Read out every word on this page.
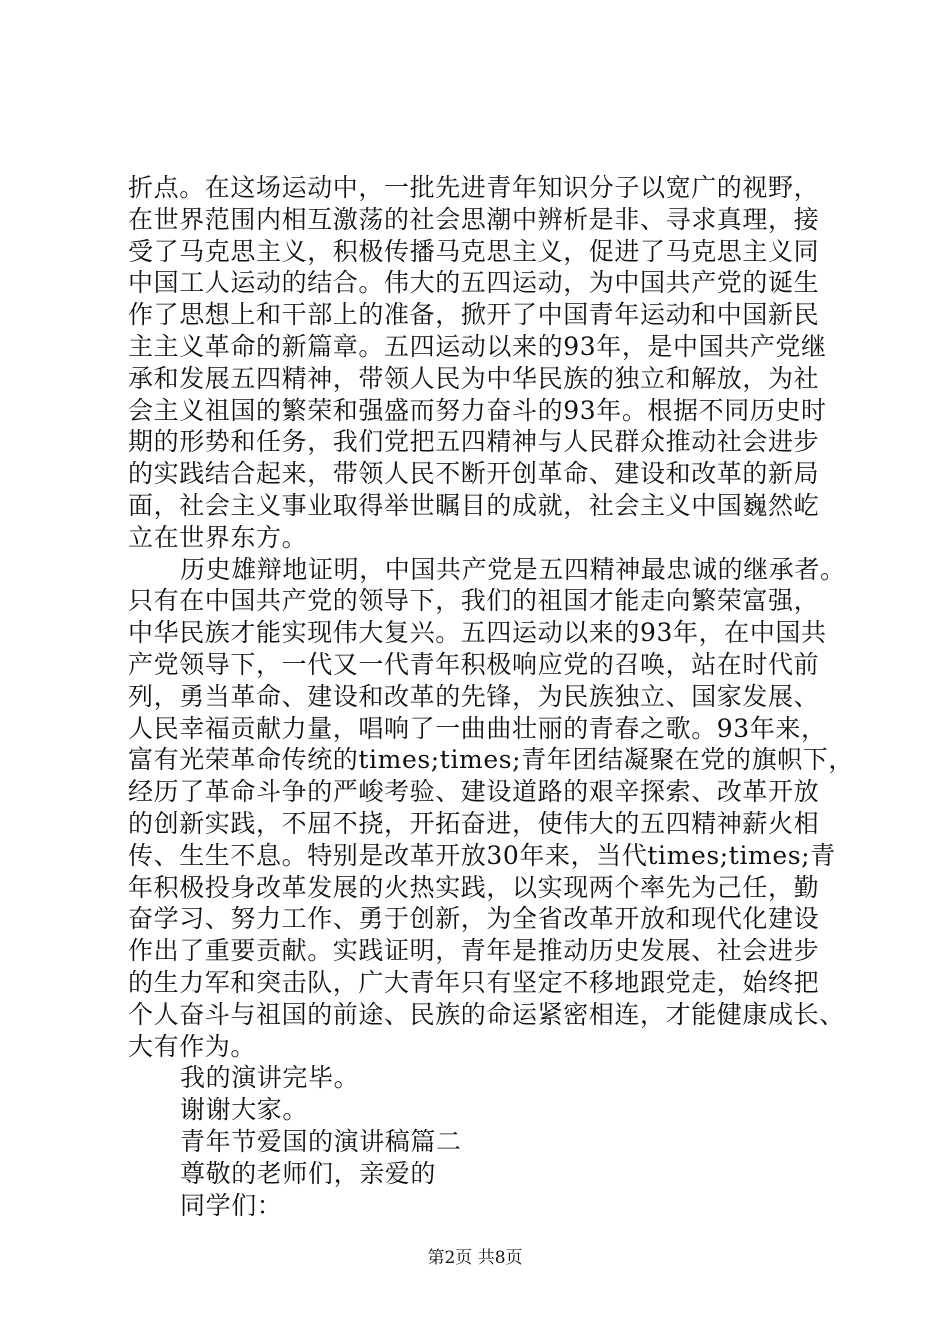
折点。在这场运动中，一批先进青年知识分子以宽广的视野，
在世界范围内相互激荡的社会思潮中辨析是非、寻求真理，接
受了马克思主义，积极传播马克思主义，促进了马克思主义同
中国工人运动的结合。伟大的五四运动，为中国共产党的诞生
作了思想上和干部上的准备，掀开了中国青年运动和中国新民
主主义革命的新篇章。五四运动以来的93年，是中国共产党继
承和发展五四精神，带领人民为中华民族的独立和解放，为社
会主义祖国的繁荣和强盛而努力奋斗的93年。根据不同历史时
期的形势和任务，我们党把五四精神与人民群众推动社会进步
的实践结合起来，带领人民不断开创革命、建设和改革的新局
面，社会主义事业取得举世瞩目的成就，社会主义中国巍然屹
立在世界东方。
历史雄辩地证明，中国共产党是五四精神最忠诚的继承者。
只有在中国共产党的领导下，我们的祖国才能走向繁荣富强，
中华民族才能实现伟大复兴。五四运动以来的93年，在中国共
产党领导下，一代又一代青年积极响应党的召唤，站在时代前
列，勇当革命、建设和改革的先锋，为民族独立、国家发展、
人民幸福贡献力量，唱响了一曲曲壮丽的青春之歌。93年来，
富有光荣革命传统的times;times;青年团结凝聚在党的旗帜下，
经历了革命斗争的严峻考验、建设道路的艰辛探索、改革开放
的创新实践，不屈不挠，开拓奋进，使伟大的五四精神薪火相
传、生生不息。特别是改革开放30年来，当代times;times;青
年积极投身改革发展的火热实践，以实现两个率先为己任，勤
奋学习、努力工作、勇于创新，为全省改革开放和现代化建设
作出了重要贡献。实践证明，青年是推动历史发展、社会进步
的生力军和突击队，广大青年只有坚定不移地跟党走，始终把
个人奋斗与祖国的前途、民族的命运紧密相连，才能健康成长、
大有作为。
我的演讲完毕。
谢谢大家。
青年节爱国的演讲稿篇二
尊敬的老师们，亲爱的
同学们：
第2页 共8页
